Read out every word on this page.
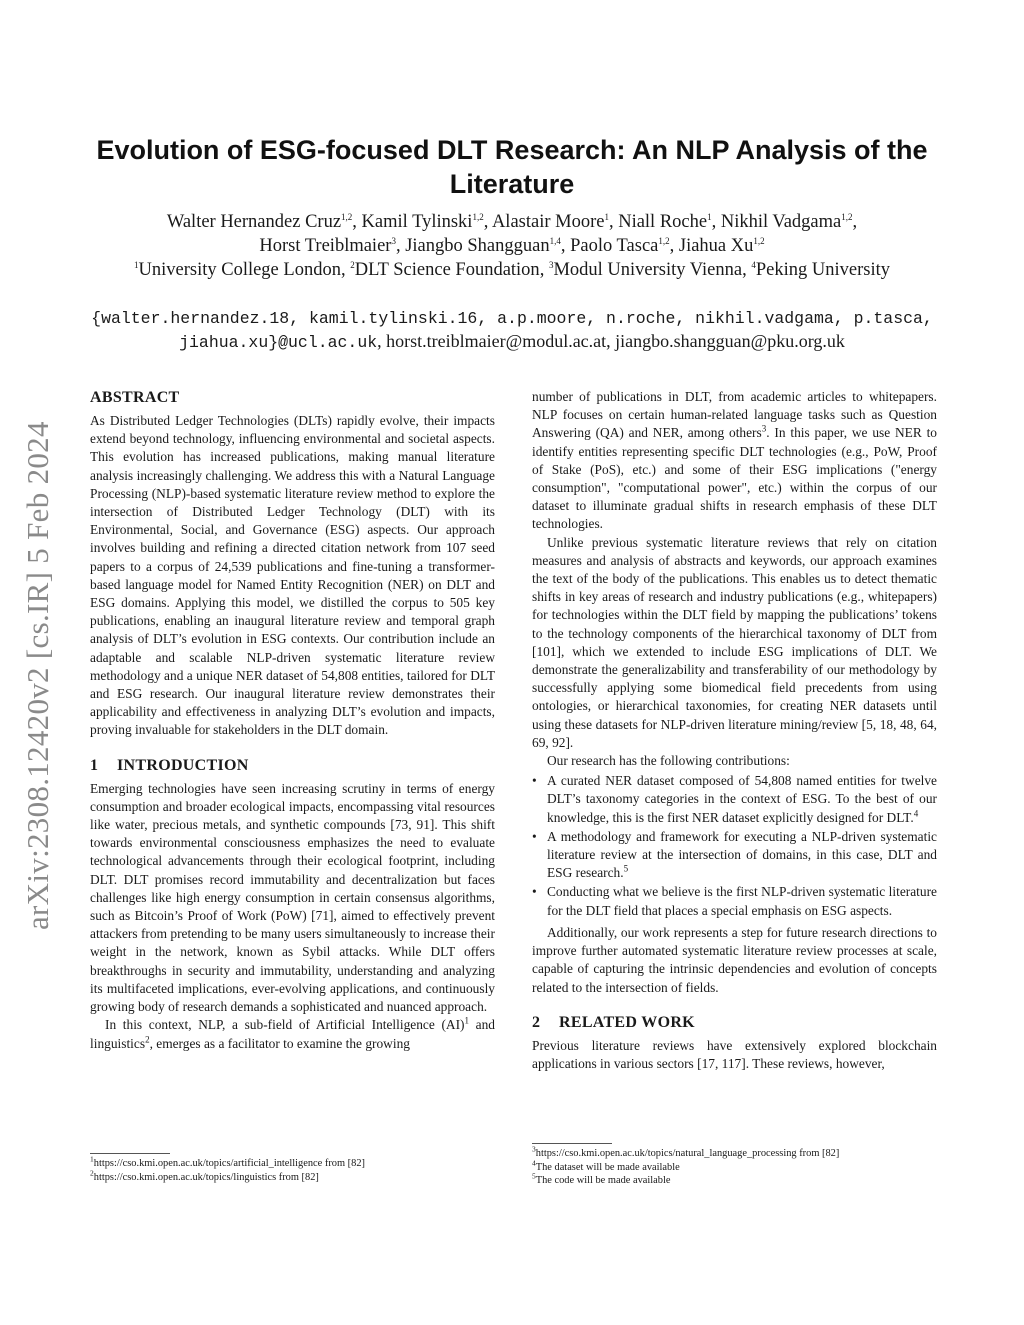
arXiv:2308.12420v2 [cs.IR] 5 Feb 2024
Evolution of ESG-focused DLT Research: An NLP Analysis of the Literature
Walter Hernandez Cruz$^{1,2}$, Kamil Tylinski$^{1,2}$, Alastair Moore$^1$, Niall Roche$^1$, Nikhil Vadgama$^{1,2}$,
Horst Treiblmaier$^3$, Jiangbo Shangguan$^{1,4}$, Paolo Tasca$^{1,2}$, Jiahua Xu$^{1,2}$
$^1$University College London, $^2$DLT Science Foundation, $^3$Modul University Vienna, $^4$Peking University
{walter.hernandez.18, kamil.tylinski.16, a.p.moore, n.roche, nikhil.vadgama, p.tasca, jiahua.xu}@ucl.ac.uk, horst.treiblmaier@modul.ac.at, jiangbo.shangguan@pku.org.uk
ABSTRACT

As Distributed Ledger Technologies (DLTs) rapidly evolve, their impacts extend beyond technology, influencing environmental and societal aspects. This evolution has increased publications, making manual literature analysis increasingly challenging. We address this with a Natural Language Processing (NLP)-based systematic literature review method to explore the intersection of Distributed Ledger Technology (DLT) with its Environmental, Social, and Governance (ESG) aspects. Our approach involves building and refining a directed citation network from 107 seed papers to a corpus of 24,539 publications and fine-tuning a transformer-based language model for Named Entity Recognition (NER) on DLT and ESG domains. Applying this model, we distilled the corpus to 505 key publications, enabling an inaugural literature review and temporal graph analysis of DLT’s evolution in ESG contexts. Our contribution include an adaptable and scalable NLP-driven systematic literature review methodology and a unique NER dataset of 54,808 entities, tailored for DLT and ESG research. Our inaugural literature review demonstrates their applicability and effectiveness in analyzing DLT’s evolution and impacts, proving invaluable for stakeholders in the DLT domain.

1 INTRODUCTION

Emerging technologies have seen increasing scrutiny in terms of energy consumption and broader ecological impacts, encompassing vital resources like water, precious metals, and synthetic compounds [73, 91]. This shift towards environmental consciousness emphasizes the need to evaluate technological advancements through their ecological footprint, including DLT. DLT promises record immutability and decentralization but faces challenges like high energy consumption in certain consensus algorithms, such as Bitcoin’s Proof of Work (PoW) [71], aimed to effectively prevent attackers from pretending to be many users simultaneously to increase their weight in the network, known as Sybil attacks. While DLT offers breakthroughs in security and immutability, understanding and analyzing its multifaceted implications, ever-evolving applications, and continuously growing body of research demands a sophisticated and nuanced approach.

In this context, NLP, a sub-field of Artificial Intelligence (AI)$^1$ and linguistics$^2$, emerges as a facilitator to examine the growing

number of publications in DLT, from academic articles to whitepapers. NLP focuses on certain human-related language tasks such as Question Answering (QA) and NER, among others$^3$. In this paper, we use NER to identify entities representing specific DLT technologies (e.g., PoW, Proof of Stake (PoS), etc.) and some of their ESG implications ("energy consumption", "computational power", etc.) within the corpus of our dataset to illuminate gradual shifts in research emphasis of these DLT technologies.

Unlike previous systematic literature reviews that rely on citation measures and analysis of abstracts and keywords, our approach examines the text of the body of the publications. This enables us to detect thematic shifts in key areas of research and industry publications (e.g., whitepapers) for technologies within the DLT field by mapping the publications’ tokens to the technology components of the hierarchical taxonomy of DLT from [101], which we extended to include ESG implications of DLT. We demonstrate the generalizability and transferability of our methodology by successfully applying some biomedical field precedents from using ontologies, or hierarchical taxonomies, for creating NER datasets until using these datasets for NLP-driven literature mining/review [5, 18, 48, 64, 69, 92].

Our research has the following contributions:

• A curated NER dataset composed of 54,808 named entities for twelve DLT’s taxonomy categories in the context of ESG. To the best of our knowledge, this is the first NER dataset explicitly designed for DLT.$^4$
• A methodology and framework for executing a NLP-driven systematic literature review at the intersection of domains, in this case, DLT and ESG research.$^5$
• Conducting what we believe is the first NLP-driven systematic literature for the DLT field that places a special emphasis on ESG aspects.

Additionally, our work represents a step for future research directions to improve further automated systematic literature review processes at scale, capable of capturing the intrinsic dependencies and evolution of concepts related to the intersection of fields.

2 RELATED WORK

Previous literature reviews have extensively explored blockchain applications in various sectors [17, 117]. These reviews, however,

$^1$https://cso.kmi.open.ac.uk/topics/artificial_intelligence from [82]
$^2$https://cso.kmi.open.ac.uk/topics/linguistics from [82]
$^3$https://cso.kmi.open.ac.uk/topics/natural_language_processing from [82]
$^4$The dataset will be made available
$^5$The code will be made available
